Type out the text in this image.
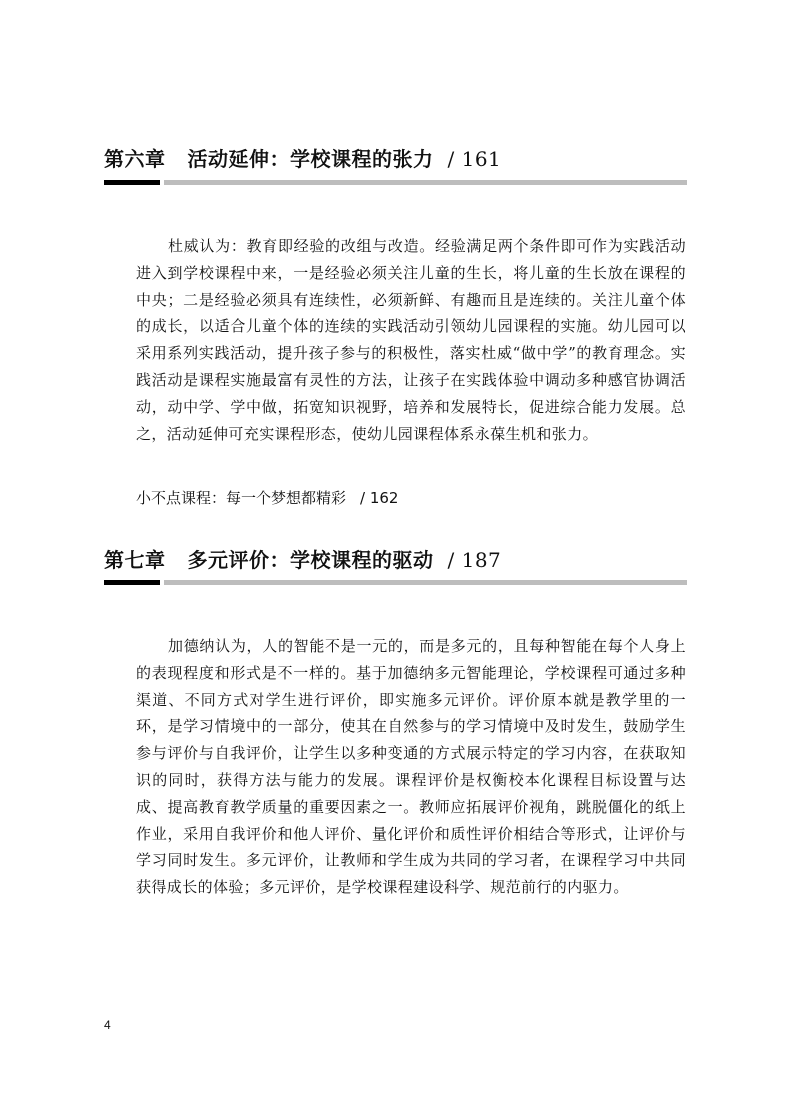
第六章 活动延伸：学校课程的张力 / 161

杜威认为：教育即经验的改组与改造。经验满足两个条件即可作为实践活动进入到学校课程中来，一是经验必须关注儿童的生长，将儿童的生长放在课程的中央；二是经验必须具有连续性，必须新鲜、有趣而且是连续的。关注儿童个体的成长，以适合儿童个体的连续的实践活动引领幼儿园课程的实施。幼儿园可以采用系列实践活动，提升孩子参与的积极性，落实杜威“做中学”的教育理念。实践活动是课程实施最富有灵性的方法，让孩子在实践体验中调动多种感官协调活动，动中学、学中做，拓宽知识视野，培养和发展特长，促进综合能力发展。总之，活动延伸可充实课程形态，使幼儿园课程体系永葆生机和张力。

小不点课程：每一个梦想都精彩 / 162
第七章 多元评价：学校课程的驱动 / 187

加德纳认为，人的智能不是一元的，而是多元的，且每种智能在每个人身上的表现程度和形式是不一样的。基于加德纳多元智能理论，学校课程可通过多种渠道、不同方式对学生进行评价，即实施多元评价。评价原本就是教学里的一环，是学习情境中的一部分，使其在自然参与的学习情境中及时发生，鼓励学生参与评价与自我评价，让学生以多种变通的方式展示特定的学习内容，在获取知识的同时，获得方法与能力的发展。课程评价是权衡校本化课程目标设置与达成、提高教育教学质量的重要因素之一。教师应拓展评价视角，跳脱僵化的纸上作业，采用自我评价和他人评价、量化评价和质性评价相结合等形式，让评价与学习同时发生。多元评价，让教师和学生成为共同的学习者，在课程学习中共同获得成长的体验；多元评价，是学校课程建设科学、规范前行的内驱力。

4
